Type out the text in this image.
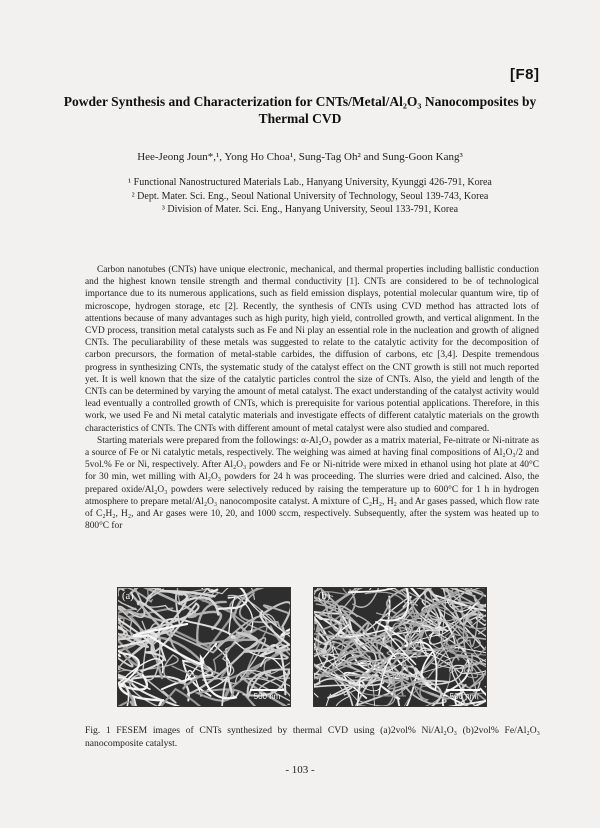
[F8]
Powder Synthesis and Characterization for CNTs/Metal/Al₂O₃ Nanocomposites by Thermal CVD
Hee-Jeong Joun*,¹, Yong Ho Choa¹, Sung-Tag Oh² and Sung-Goon Kang³
¹ Functional Nanostructured Materials Lab., Hanyang University, Kyunggi 426-791, Korea
² Dept. Mater. Sci. Eng., Seoul National University of Technology, Seoul 139-743, Korea
³ Division of Mater. Sci. Eng., Hanyang University, Seoul 133-791, Korea

Carbon nanotubes (CNTs) have unique electronic, mechanical, and thermal properties including ballistic conduction and the highest known tensile strength and thermal conductivity [1]. CNTs are considered to be of technological importance due to its numerous applications, such as field emission displays, potential molecular quantum wire, tip of microscope, hydrogen storage, etc [2]. Recently, the synthesis of CNTs using CVD method has attracted lots of attentions because of many advantages such as high purity, high yield, controlled growth, and vertical alignment. In the CVD process, transition metal catalysts such as Fe and Ni play an essential role in the nucleation and growth of aligned CNTs. The peculiarability of these metals was suggested to relate to the catalytic activity for the decomposition of carbon precursors, the formation of metal-stable carbides, the diffusion of carbons, etc [3,4]. Despite tremendous progress in synthesizing CNTs, the systematic study of the catalyst effect on the CNT growth is still not much reported yet. It is well known that the size of the catalytic particles control the size of CNTs. Also, the yield and length of the CNTs can be determined by varying the amount of metal catalyst. The exact understanding of the catalyst activity would lead eventually a controlled growth of CNTs, which is prerequisite for various potential applications. Therefore, in this work, we used Fe and Ni metal catalytic materials and investigate effects of different catalytic materials on the growth characteristics of CNTs. The CNTs with different amount of metal catalyst were also studied and compared.

Starting materials were prepared from the followings: α-Al₂O₃ powder as a matrix material, Fe-nitrate or Ni-nitrate as a source of Fe or Ni catalytic metals, respectively. The weighing was aimed at having final compositions of Al₂O₃/2 and 5vol.% Fe or Ni, respectively. After Al₂O₃ powders and Fe or Ni-nitride were mixed in ethanol using hot plate at 40°C for 30 min, wet milling with Al₂O₃ powders for 24 h was proceeding. The slurries were dried and calcined. Also, the prepared oxide/Al₂O₃ powders were selectively reduced by raising the temperature up to 600°C for 1 h in hydrogen atmosphere to prepare metal/Al₂O₃ nanocomposite catalyst. A mixture of C₂H₂, H₂ and Ar gases passed, which flow rate of C₂H₂, H₂, and Ar gases were 10, 20, and 1000 sccm, respectively. Subsequently, after the system was heated up to 800°C for

(a)
500 nm
(b)
500 nm
Fig. 1 FESEM images of CNTs synthesized by thermal CVD using (a)2vol% Ni/Al₂O₃ (b)2vol% Fe/Al₂O₃ nanocomposite catalyst.
- 103 -
